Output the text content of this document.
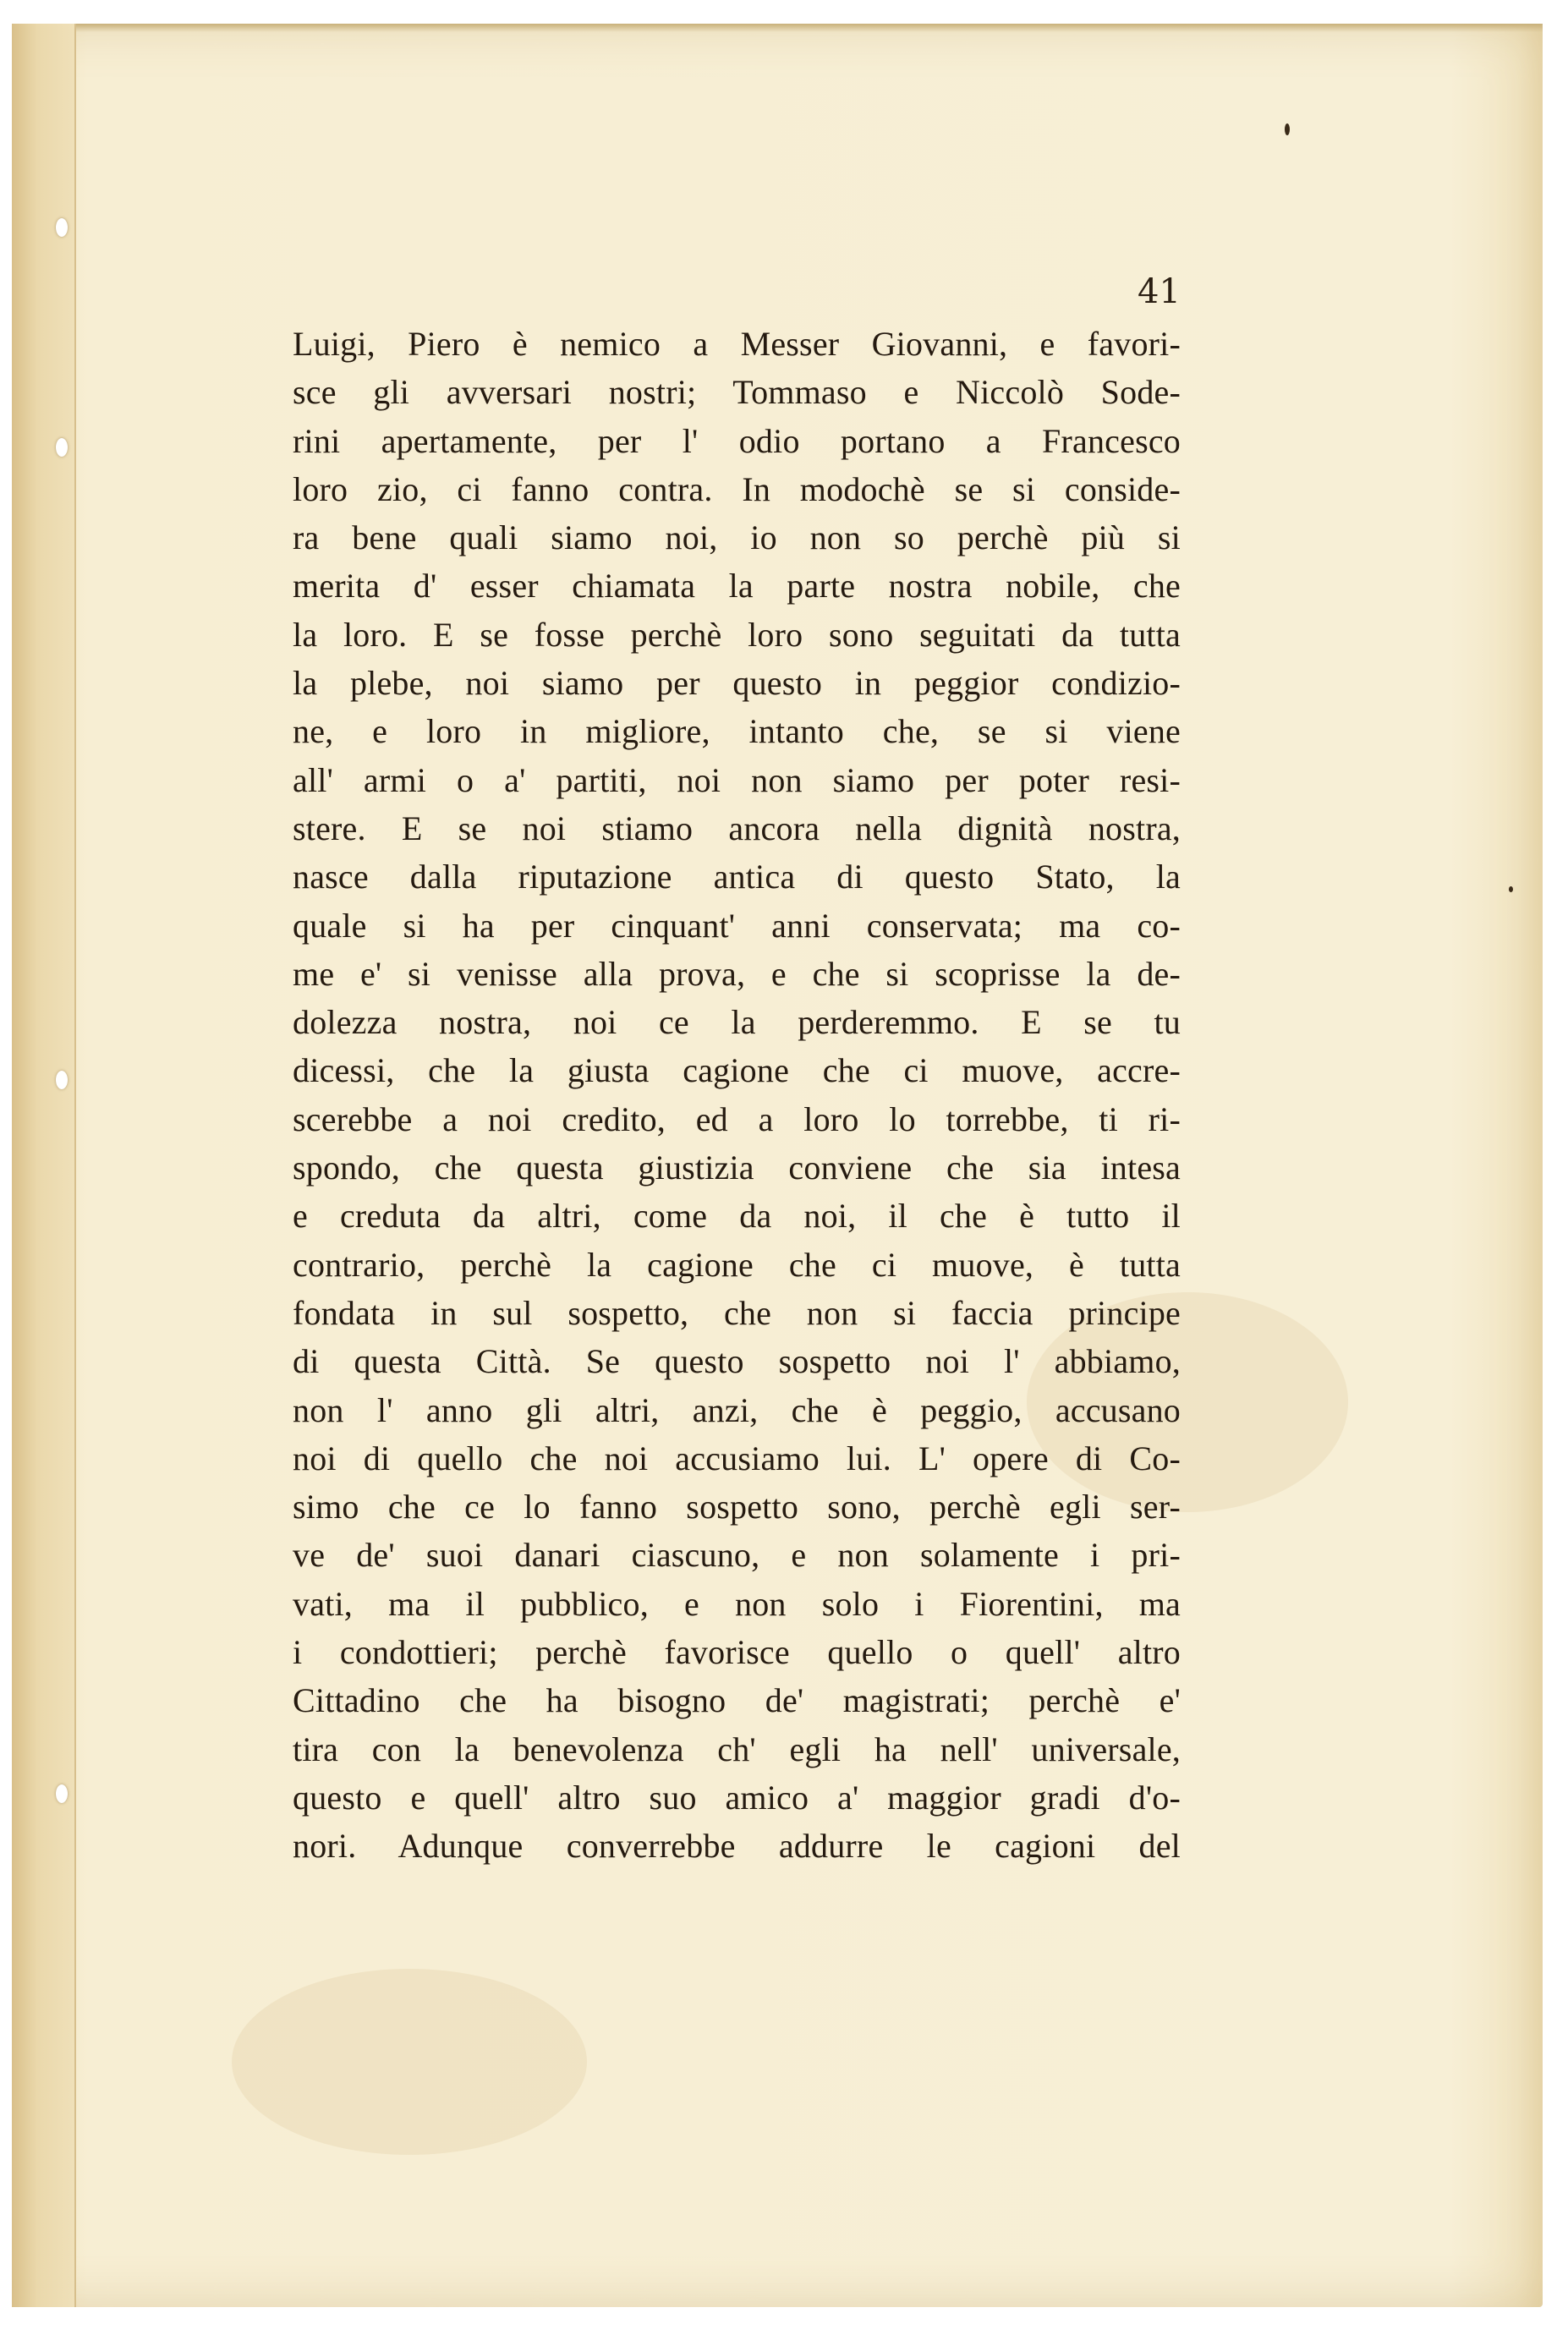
41
Luigi, Piero è nemico a Messer Giovanni, e favori-
sce gli avversari nostri; Tommaso e Niccolò Sode-
rini apertamente, per l' odio portano a Francesco
loro zio, ci fanno contra. In modochè se si conside-
ra bene quali siamo noi, io non so perchè più si
merita d' esser chiamata la parte nostra nobile, che
la loro. E se fosse perchè loro sono seguitati da tutta
la plebe, noi siamo per questo in peggior condizio-
ne, e loro in migliore, intanto che, se si viene
all' armi o a' partiti, noi non siamo per poter resi-
stere. E se noi stiamo ancora nella dignità nostra,
nasce dalla riputazione antica di questo Stato, la
quale si ha per cinquant' anni conservata; ma co-
me e' si venisse alla prova, e che si scoprisse la de-
dolezza nostra, noi ce la perderemmo. E se tu
dicessi, che la giusta cagione che ci muove, accre-
scerebbe a noi credito, ed a loro lo torrebbe, ti ri-
spondo, che questa giustizia conviene che sia intesa
e creduta da altri, come da noi, il che è tutto il
contrario, perchè la cagione che ci muove, è tutta
fondata in sul sospetto, che non si faccia principe
di questa Città. Se questo sospetto noi l' abbiamo,
non l' anno gli altri, anzi, che è peggio, accusano
noi di quello che noi accusiamo lui. L' opere di Co-
simo che ce lo fanno sospetto sono, perchè egli ser-
ve de' suoi danari ciascuno, e non solamente i pri-
vati, ma il pubblico, e non solo i Fiorentini, ma
i condottieri; perchè favorisce quello o quell' altro
Cittadino che ha bisogno de' magistrati; perchè e'
tira con la benevolenza ch' egli ha nell' universale,
questo e quell' altro suo amico a' maggior gradi d'o-
nori. Adunque converrebbe addurre le cagioni del
